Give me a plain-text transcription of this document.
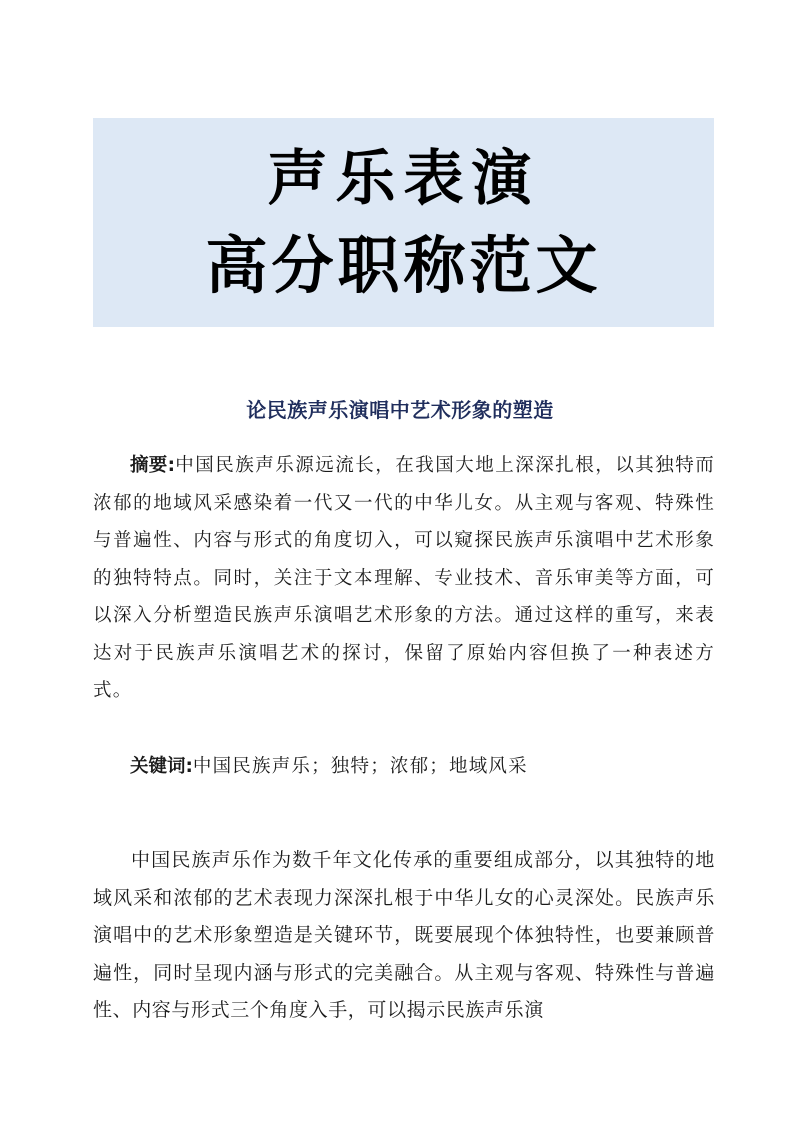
声乐表演
高分职称范文
论民族声乐演唱中艺术形象的塑造
摘要:中国民族声乐源远流长，在我国大地上深深扎根，以其独特而浓郁的地域风采感染着一代又一代的中华儿女。从主观与客观、特殊性与普遍性、内容与形式的角度切入，可以窥探民族声乐演唱中艺术形象的独特特点。同时，关注于文本理解、专业技术、音乐审美等方面，可以深入分析塑造民族声乐演唱艺术形象的方法。通过这样的重写，来表达对于民族声乐演唱艺术的探讨，保留了原始内容但换了一种表述方式。
关键词:中国民族声乐；独特；浓郁；地域风采
中国民族声乐作为数千年文化传承的重要组成部分，以其独特的地域风采和浓郁的艺术表现力深深扎根于中华儿女的心灵深处。民族声乐演唱中的艺术形象塑造是关键环节，既要展现个体独特性，也要兼顾普遍性，同时呈现内涵与形式的完美融合。从主观与客观、特殊性与普遍性、内容与形式三个角度入手，可以揭示民族声乐演
